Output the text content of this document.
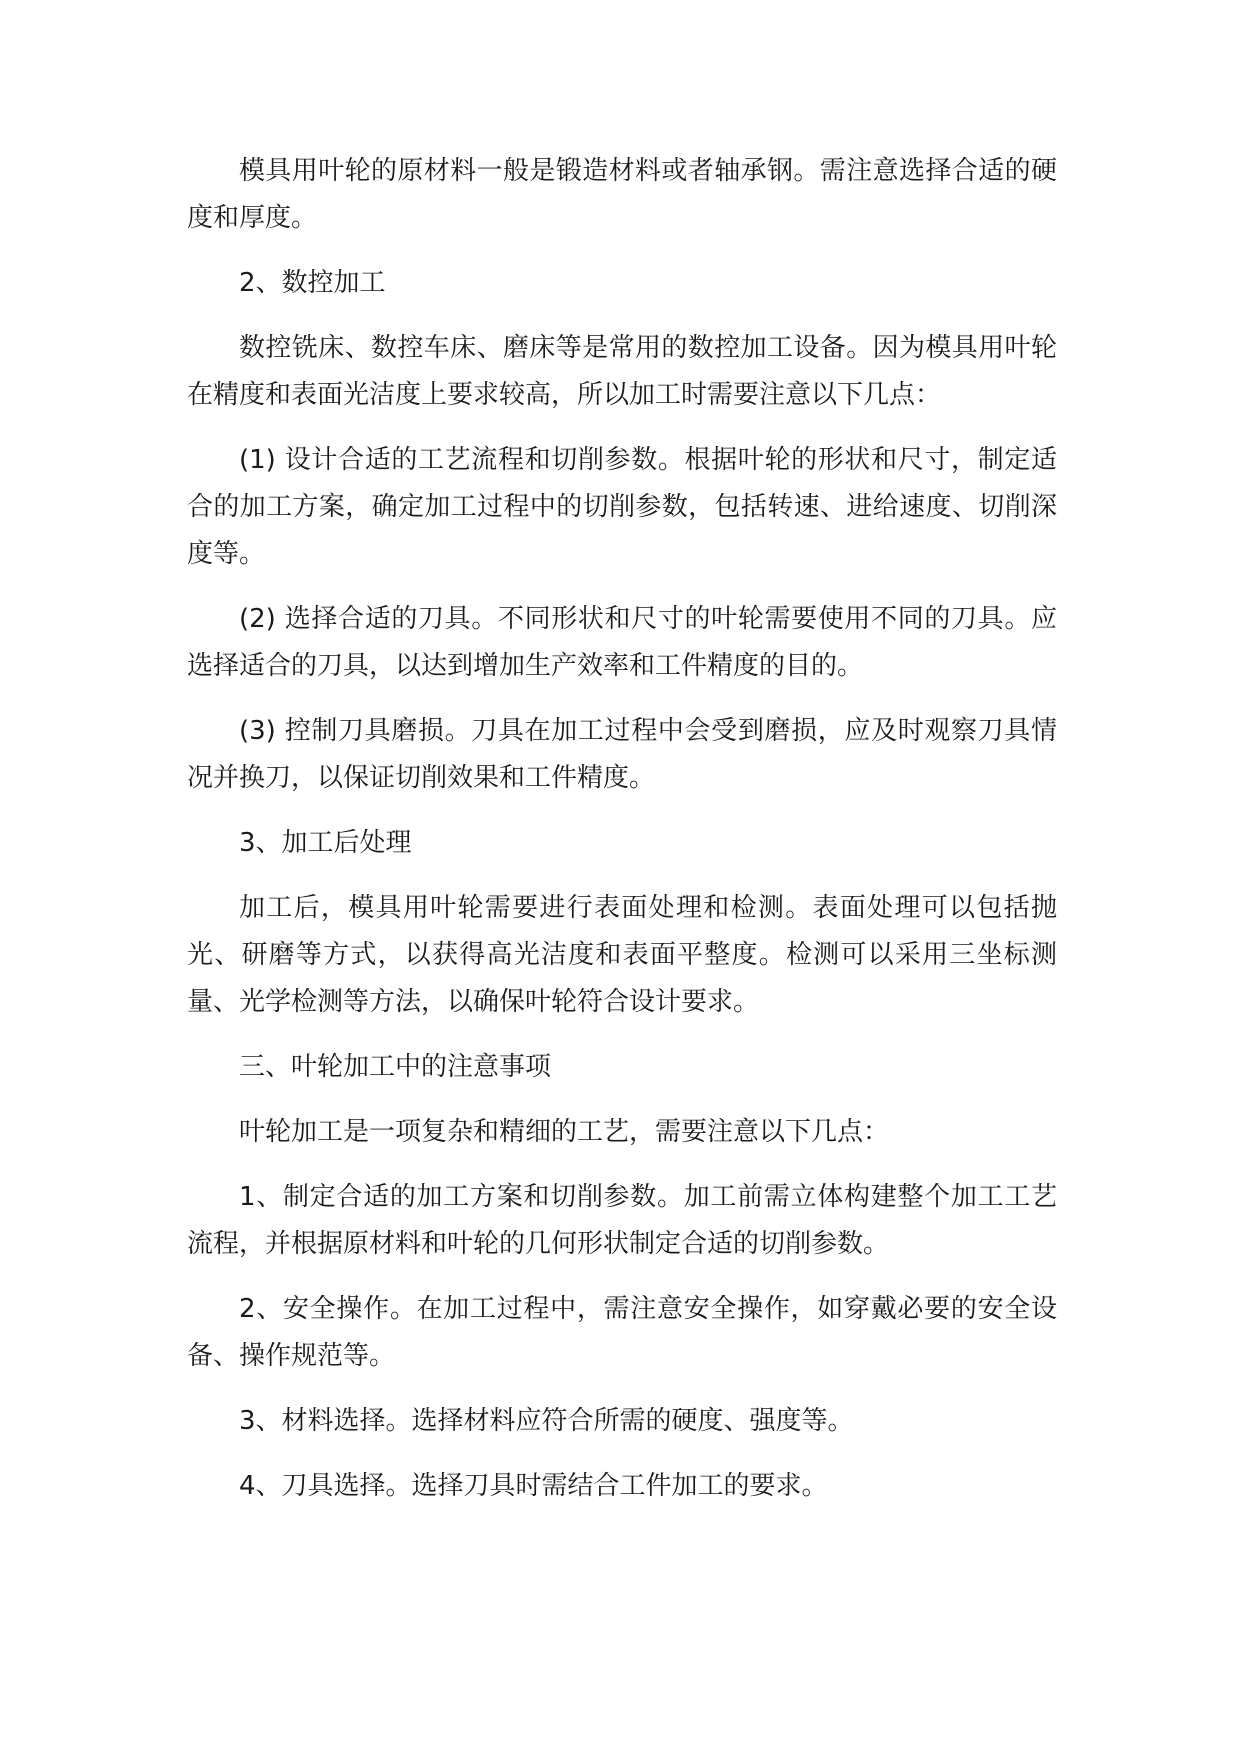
模具用叶轮的原材料一般是锻造材料或者轴承钢。需注意选择合适的硬度和厚度。

2、数控加工

数控铣床、数控车床、磨床等是常用的数控加工设备。因为模具用叶轮在精度和表面光洁度上要求较高，所以加工时需要注意以下几点：

(1) 设计合适的工艺流程和切削参数。根据叶轮的形状和尺寸，制定适合的加工方案，确定加工过程中的切削参数，包括转速、进给速度、切削深度等。

(2) 选择合适的刀具。不同形状和尺寸的叶轮需要使用不同的刀具。应选择适合的刀具，以达到增加生产效率和工件精度的目的。

(3) 控制刀具磨损。刀具在加工过程中会受到磨损，应及时观察刀具情况并换刀，以保证切削效果和工件精度。

3、加工后处理

加工后，模具用叶轮需要进行表面处理和检测。表面处理可以包括抛光、研磨等方式，以获得高光洁度和表面平整度。检测可以采用三坐标测量、光学检测等方法，以确保叶轮符合设计要求。

三、叶轮加工中的注意事项

叶轮加工是一项复杂和精细的工艺，需要注意以下几点：

1、制定合适的加工方案和切削参数。加工前需立体构建整个加工工艺流程，并根据原材料和叶轮的几何形状制定合适的切削参数。

2、安全操作。在加工过程中，需注意安全操作，如穿戴必要的安全设备、操作规范等。

3、材料选择。选择材料应符合所需的硬度、强度等。

4、刀具选择。选择刀具时需结合工件加工的要求。
